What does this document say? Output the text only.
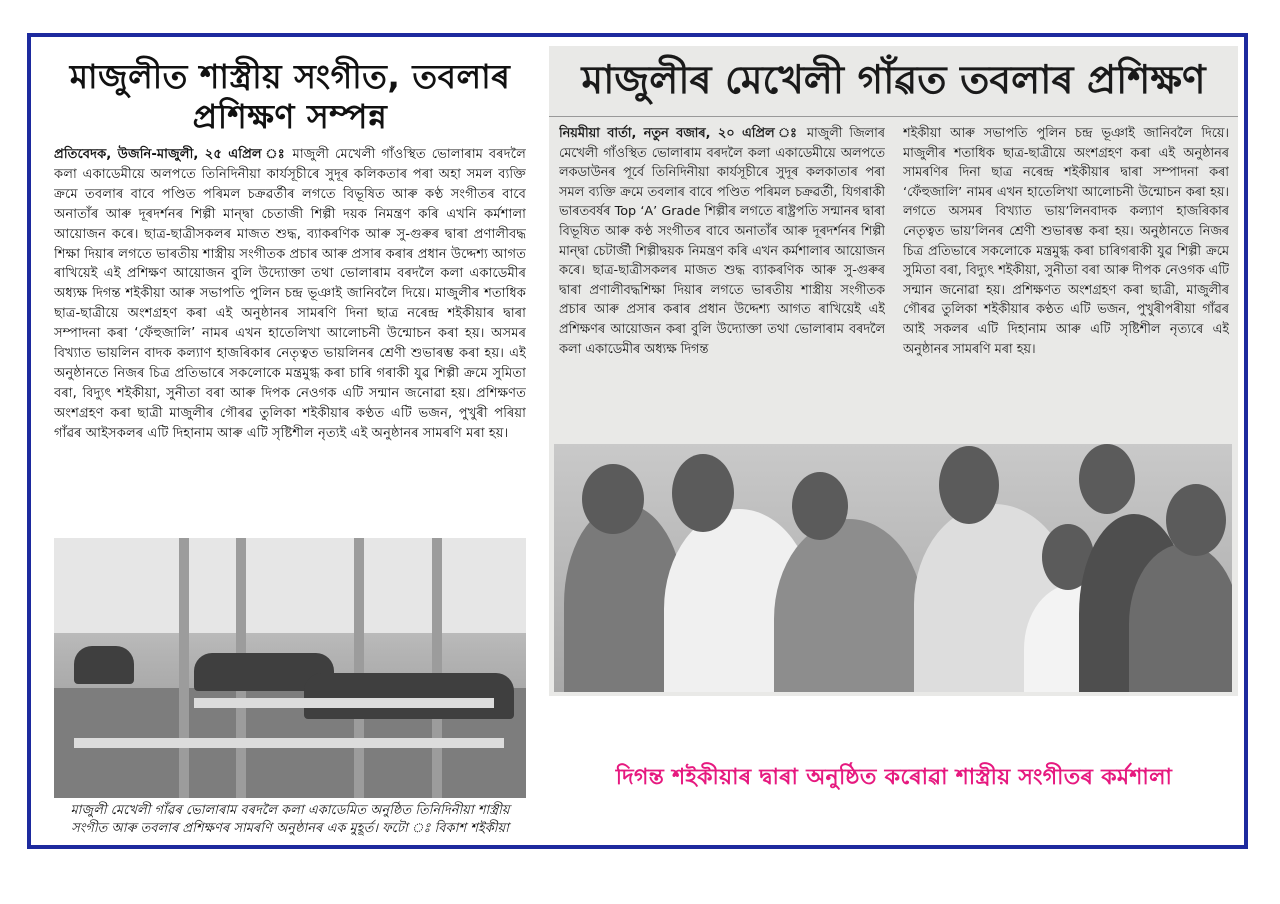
মাজুলীত শাস্ত্ৰীয় সংগীত, তবলাৰ প্ৰশিক্ষণ সম্পন্ন
প্ৰতিবেদক, উজনি-মাজুলী, ২৫ এপ্ৰিল ঃ মাজুলী মেখেলী গাঁওস্থিত ভোলাৰাম বৰদলৈ কলা একাডেমীয়ে অলপতে তিনিদিনীয়া কাৰ্যসূচীৰে সুদূৰ কলিকতাৰ পৰা অহা সমল ব্যক্তি ক্ৰমে তবলাৰ বাবে পণ্ডিত পৰিমল চক্ৰৱৰ্তীৰ লগতে বিভূষিত আৰু কণ্ঠ সংগীতৰ বাবে অনাতাঁৰ আৰু দূৰদৰ্শনৰ শিল্পী মান্দ্বা চেতাজী শিল্পী দয়ক নিমন্ত্ৰণ কৰি এখনি কৰ্মশালা আয়োজন কৰে। ছাত্ৰ-ছাত্ৰীসকলৰ মাজত শুদ্ধ, ব্যাকৰণিক আৰু সু-গুৰুৰ দ্বাৰা প্ৰণালীবদ্ধ শিক্ষা দিয়াৰ লগতে ভাৰতীয় শাস্ত্ৰীয় সংগীতক প্ৰচাৰ আৰু প্ৰসাৰ কৰাৰ প্ৰধান উদ্দেশ্য আগত ৰাখিয়েই এই প্ৰশিক্ষণ আয়োজন বুলি উদ্যোক্তা তথা ভোলাৰাম বৰদলৈ কলা একাডেমীৰ অধ্যক্ষ দিগন্ত শইকীয়া আৰু সভাপতি পুলিন চন্দ্ৰ ভূঞাই জানিবলৈ দিয়ে। মাজুলীৰ শতাধিক ছাত্ৰ-ছাত্ৰীয়ে অংশগ্ৰহণ কৰা এই অনুষ্ঠানৰ সামৰণি দিনা ছাত্ৰ নৰেন্দ্ৰ শইকীয়াৰ দ্বাৰা সম্পাদনা কৰা ‘ফেঁহুজালি’ নামৰ এখন হাতেলিখা আলোচনী উন্মোচন কৰা হয়। অসমৰ বিখ্যাত ভায়লিন বাদক কল্যাণ হাজৰিকাৰ নেতৃত্বত ভায়লিনৰ শ্ৰেণী শুভাৰম্ভ কৰা হয়। এই অনুষ্ঠানতে নিজৰ চিত্ৰ প্ৰতিভাৰে সকলোকে মন্ত্ৰমুগ্ধ কৰা চাৰি গৰাকী যুৱ শিল্পী ক্ৰমে সুমিতা বৰা, বিদ্যুৎ শইকীয়া, সুনীতা বৰা আৰু দিপক নেওগক এটি সন্মান জনোৱা হয়। প্ৰশিক্ষণত অংশগ্ৰহণ কৰা ছাত্ৰী মাজুলীৰ গৌৰৱ তুলিকা শইকীয়াৰ কণ্ঠত এটি ভজন, পুখুৰী পৰিয়া গাঁৱৰ আইসকলৰ এটি দিহানাম আৰু এটি সৃষ্টিশীল নৃত্যই এই অনুষ্ঠানৰ সামৰণি মৰা হয়।
মাজুলী মেখেলী গাঁৱৰ ভোলাৰাম বৰদলৈ কলা একাডেমিত অনুষ্ঠিত তিনিদিনীয়া শাস্ত্ৰীয় সংগীত আৰু তবলাৰ প্ৰশিক্ষণৰ সামৰণি অনুষ্ঠানৰ এক মুহূৰ্ত। ফটো ঃ বিকাশ শইকীয়া
মাজুলীৰ মেখেলী গাঁৱত তবলাৰ প্ৰশিক্ষণ
নিয়মীয়া বাৰ্তা, নতুন বজাৰ, ২০ এপ্ৰিল ঃ মাজুলী জিলাৰ মেখেলী গাঁওস্থিত ভোলাৰাম বৰদলৈ কলা একাডেমীয়ে অলপতে লকডাউনৰ পূৰ্বে তিনিদিনীয়া কাৰ্যসূচীৰে সুদূৰ কলকাতাৰ পৰা সমল ব্যক্তি ক্ৰমে তবলাৰ বাবে পণ্ডিত পৰিমল চক্ৰৱৰ্তী, যিগৰাকী ভাৰতবৰ্ষৰ Top ‘A’ Grade শিল্পীৰ লগতে ৰাষ্ট্ৰপতি সন্মানৰ দ্বাৰা বিভূষিত আৰু কণ্ঠ সংগীতৰ বাবে অনাতাঁৰ আৰু দূৰদৰ্শনৰ শিল্পী মান্দ্বা চেটাৰ্জী শিল্পীদ্বয়ক নিমন্ত্ৰণ কৰি এখন কৰ্মশালাৰ আয়োজন কৰে। ছাত্ৰ-ছাত্ৰীসকলৰ মাজত শুদ্ধ ব্যাকৰণিক আৰু সু-গুৰুৰ দ্বাৰা প্ৰণালীবদ্ধশিক্ষা দিয়াৰ লগতে ভাৰতীয় শাস্ত্ৰীয় সংগীতক প্ৰচাৰ আৰু প্ৰসাৰ কৰাৰ প্ৰধান উদ্দেশ্য আগত ৰাখিয়েই এই প্ৰশিক্ষণৰ আয়োজন কৰা বুলি উদ্যোক্তা তথা ভোলাৰাম বৰদলৈ কলা একাডেমীৰ অধ্যক্ষ দিগন্ত
শইকীয়া আৰু সভাপতি পুলিন চন্দ্ৰ ভূঞাই জানিবলৈ দিয়ে। মাজুলীৰ শতাধিক ছাত্ৰ-ছাত্ৰীয়ে অংশগ্ৰহণ কৰা এই অনুষ্ঠানৰ সামৰণিৰ দিনা ছাত্ৰ নৰেন্দ্ৰ শইকীয়াৰ দ্বাৰা সম্পাদনা কৰা ‘ফেঁহুজালি’ নামৰ এখন হাতেলিখা আলোচনী উন্মোচন কৰা হয়। লগতে অসমৰ বিখ্যাত ভায়’লিনবাদক কল্যাণ হাজৰিকাৰ নেতৃত্বত ভায়’লিনৰ শ্ৰেণী শুভাৰম্ভ কৰা হয়। অনুষ্ঠানতে নিজৰ চিত্ৰ প্ৰতিভাৰে সকলোকে মন্ত্ৰমুগ্ধ কৰা চাৰিগৰাকী যুৱ শিল্পী ক্ৰমে সুমিতা বৰা, বিদ্যুৎ শইকীয়া, সুনীতা বৰা আৰু দীপক নেওগক এটি সন্মান জনোৱা হয়। প্ৰশিক্ষণত অংশগ্ৰহণ কৰা ছাত্ৰী, মাজুলীৰ গৌৰৱ তুলিকা শইকীয়াৰ কণ্ঠত এটি ভজন, পুখুৰীপৰীয়া গাঁৱৰ আই সকলৰ এটি দিহানাম আৰু এটি সৃষ্টিশীল নৃত্যৰে এই অনুষ্ঠানৰ সামৰণি মৰা হয়।
দিগন্ত শইকীয়াৰ দ্বাৰা অনুষ্ঠিত কৰোৱা শাস্ত্ৰীয় সংগীতৰ কৰ্মশালা
